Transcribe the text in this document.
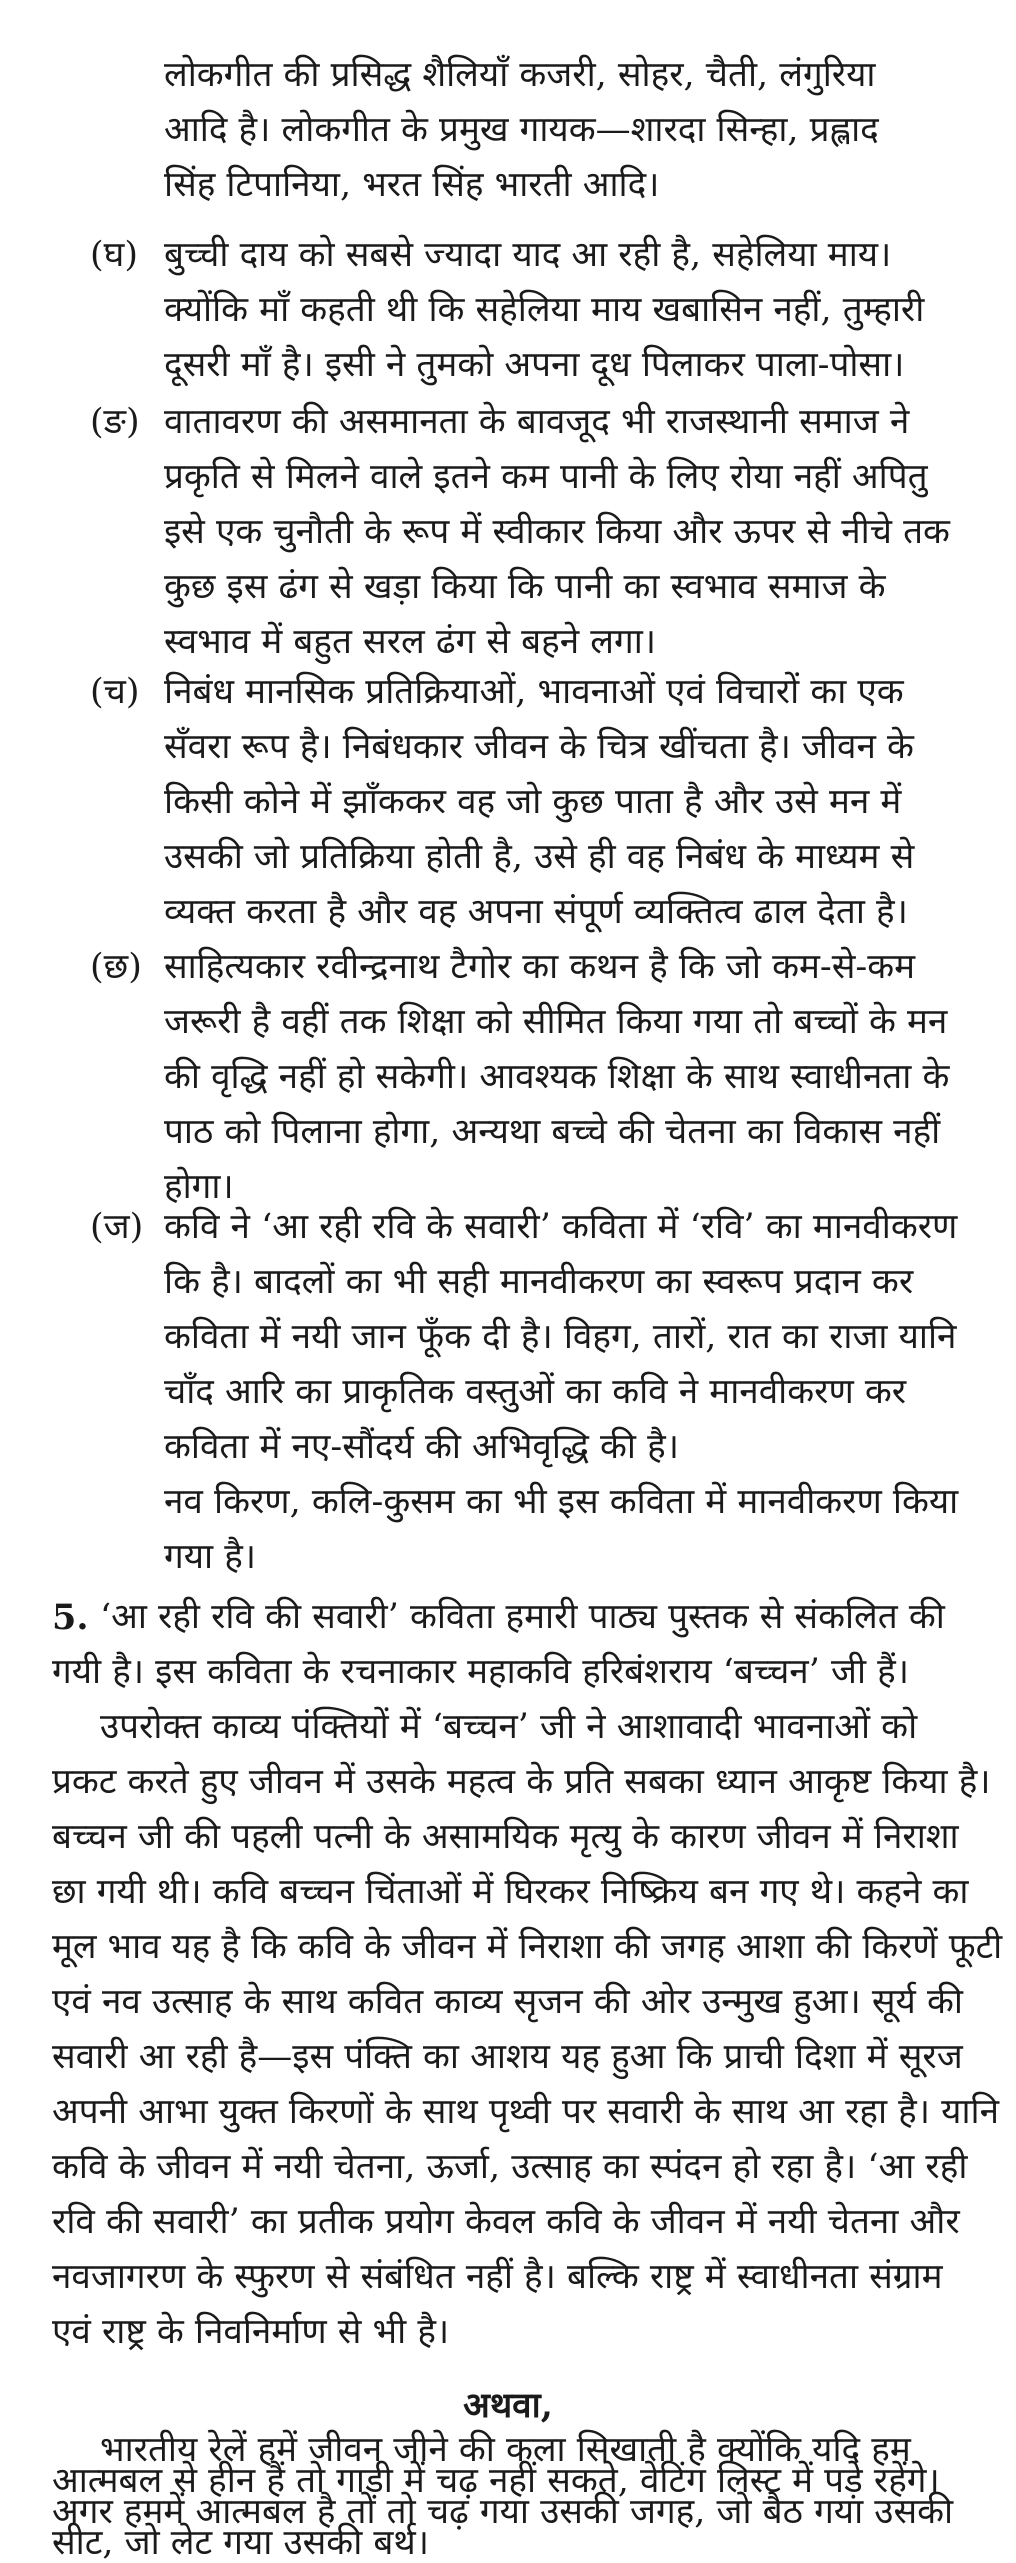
लोकगीत की प्रसिद्ध शैलियाँ कजरी, सोहर, चैती, लंगुरिया
आदि है। लोकगीत के प्रमुख गायक—शारदा सिन्हा, प्रह्लाद
सिंह टिपानिया, भरत सिंह भारती आदि।
(घ) बुच्ची दाय को सबसे ज्यादा याद आ रही है, सहेलिया माय।
क्योंकि माँ कहती थी कि सहेलिया माय खबासिन नहीं, तुम्हारी
दूसरी माँ है। इसी ने तुमको अपना दूध पिलाकर पाला-पोसा।
(ङ) वातावरण की असमानता के बावजूद भी राजस्थानी समाज ने
प्रकृति से मिलने वाले इतने कम पानी के लिए रोया नहीं अपितु
इसे एक चुनौती के रूप में स्वीकार किया और ऊपर से नीचे तक
कुछ इस ढंग से खड़ा किया कि पानी का स्वभाव समाज के
स्वभाव में बहुत सरल ढंग से बहने लगा।
(च) निबंध मानसिक प्रतिक्रियाओं, भावनाओं एवं विचारों का एक
सँवरा रूप है। निबंधकार जीवन के चित्र खींचता है। जीवन के
किसी कोने में झाँककर वह जो कुछ पाता है और उसे मन में
उसकी जो प्रतिक्रिया होती है, उसे ही वह निबंध के माध्यम से
व्यक्त करता है और वह अपना संपूर्ण व्यक्तित्व ढाल देता है।
(छ) साहित्यकार रवीन्द्रनाथ टैगोर का कथन है कि जो कम-से-कम
जरूरी है वहीं तक शिक्षा को सीमित किया गया तो बच्चों के मन
की वृद्धि नहीं हो सकेगी। आवश्यक शिक्षा के साथ स्वाधीनता के
पाठ को पिलाना होगा, अन्यथा बच्चे की चेतना का विकास नहीं
होगा।
(ज) कवि ने ‘आ रही रवि के सवारी’ कविता में ‘रवि’ का मानवीकरण
कि है। बादलों का भी सही मानवीकरण का स्वरूप प्रदान कर
कविता में नयी जान फूँक दी है। विहग, तारों, रात का राजा यानि
चाँद आरि का प्राकृतिक वस्तुओं का कवि ने मानवीकरण कर
कविता में नए-सौंदर्य की अभिवृद्धि की है।
नव किरण, कलि-कुसम का भी इस कविता में मानवीकरण किया
गया है।
5. ‘आ रही रवि की सवारी’ कविता हमारी पाठ्य पुस्तक से संकलित की
गयी है। इस कविता के रचनाकार महाकवि हरिबंशराय ‘बच्चन’ जी हैं।
उपरोक्त काव्य पंक्तियों में ‘बच्चन’ जी ने आशावादी भावनाओं को
प्रकट करते हुए जीवन में उसके महत्व के प्रति सबका ध्यान आकृष्ट किया है।
बच्चन जी की पहली पत्नी के असामयिक मृत्यु के कारण जीवन में निराशा
छा गयी थी। कवि बच्चन चिंताओं में घिरकर निष्क्रिय बन गए थे। कहने का
मूल भाव यह है कि कवि के जीवन में निराशा की जगह आशा की किरणें फूटी
एवं नव उत्साह के साथ कवित काव्य सृजन की ओर उन्मुख हुआ। सूर्य की
सवारी आ रही है—इस पंक्ति का आशय यह हुआ कि प्राची दिशा में सूरज
अपनी आभा युक्त किरणों के साथ पृथ्वी पर सवारी के साथ आ रहा है। यानि
कवि के जीवन में नयी चेतना, ऊर्जा, उत्साह का स्पंदन हो रहा है। ‘आ रही
रवि की सवारी’ का प्रतीक प्रयोग केवल कवि के जीवन में नयी चेतना और
नवजागरण के स्फुरण से संबंधित नहीं है। बल्कि राष्ट्र में स्वाधीनता संग्राम
एवं राष्ट्र के निवनिर्माण से भी है।
अथवा,
भारतीय रेलें हमें जीवन जीने की कला सिखाती है क्योंकि यदि हम
आत्मबल से हीन हैं तो गाड़ी में चढ़ नहीं सकते, वेटिंग लिस्ट में पड़े रहेंगे।
अगर हममें आत्मबल है तो तो चढ़ गया उसकी जगह, जो बैठ गया उसकी
सीट, जो लेट गया उसकी बर्थ।
